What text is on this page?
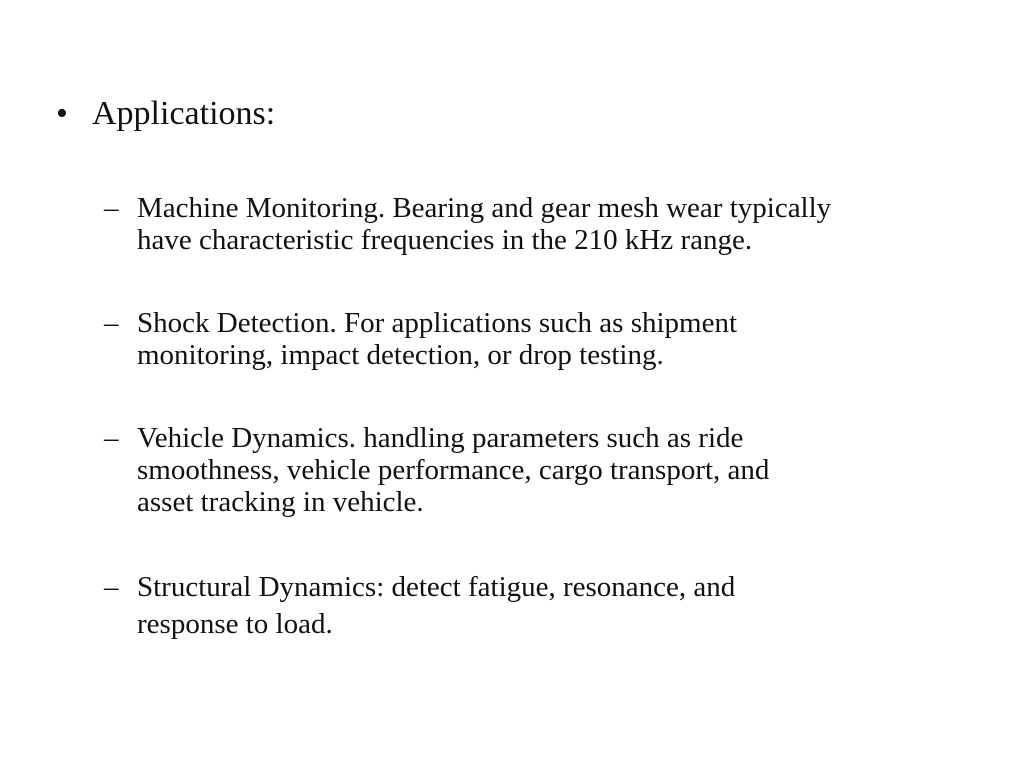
• Applications:
– Machine Monitoring. Bearing and gear mesh wear typically
have characteristic frequencies in the 210 kHz range.
– Shock Detection. For applications such as shipment
monitoring, impact detection, or drop testing.
– Vehicle Dynamics. handling parameters such as ride
smoothness, vehicle performance, cargo transport, and
asset tracking in vehicle.
– Structural Dynamics: detect fatigue, resonance, and
response to load.
